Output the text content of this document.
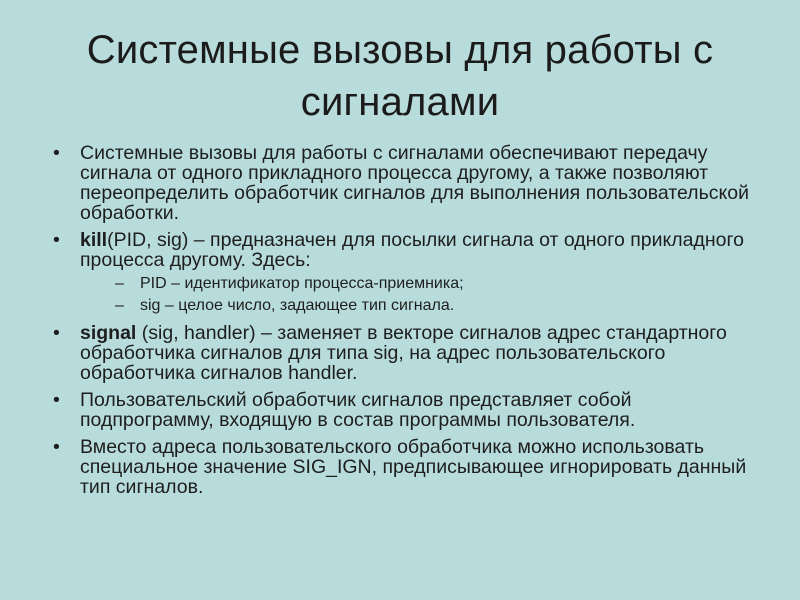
Системные вызовы для работы с сигналами
• Системные вызовы для работы с сигналами обеспечивают передачу сигнала от одного прикладного процесса другому, а также позволяют переопределить обработчик сигналов для выполнения пользовательской обработки.
• kill(PID, sig) – предназначен для посылки сигнала от одного прикладного процесса другому. Здесь:
– PID – идентификатор процесса-приемника;
– sig – целое число, задающее тип сигнала.
• signal (sig, handler) – заменяет в векторе сигналов адрес стандартного обработчика сигналов для типа sig, на адрес пользовательского обработчика сигналов handler.
• Пользовательский обработчик сигналов представляет собой подпрограмму, входящую в состав программы пользователя.
• Вместо адреса пользовательского обработчика можно использовать специальное значение SIG_IGN, предписывающее игнорировать данный тип сигналов.
